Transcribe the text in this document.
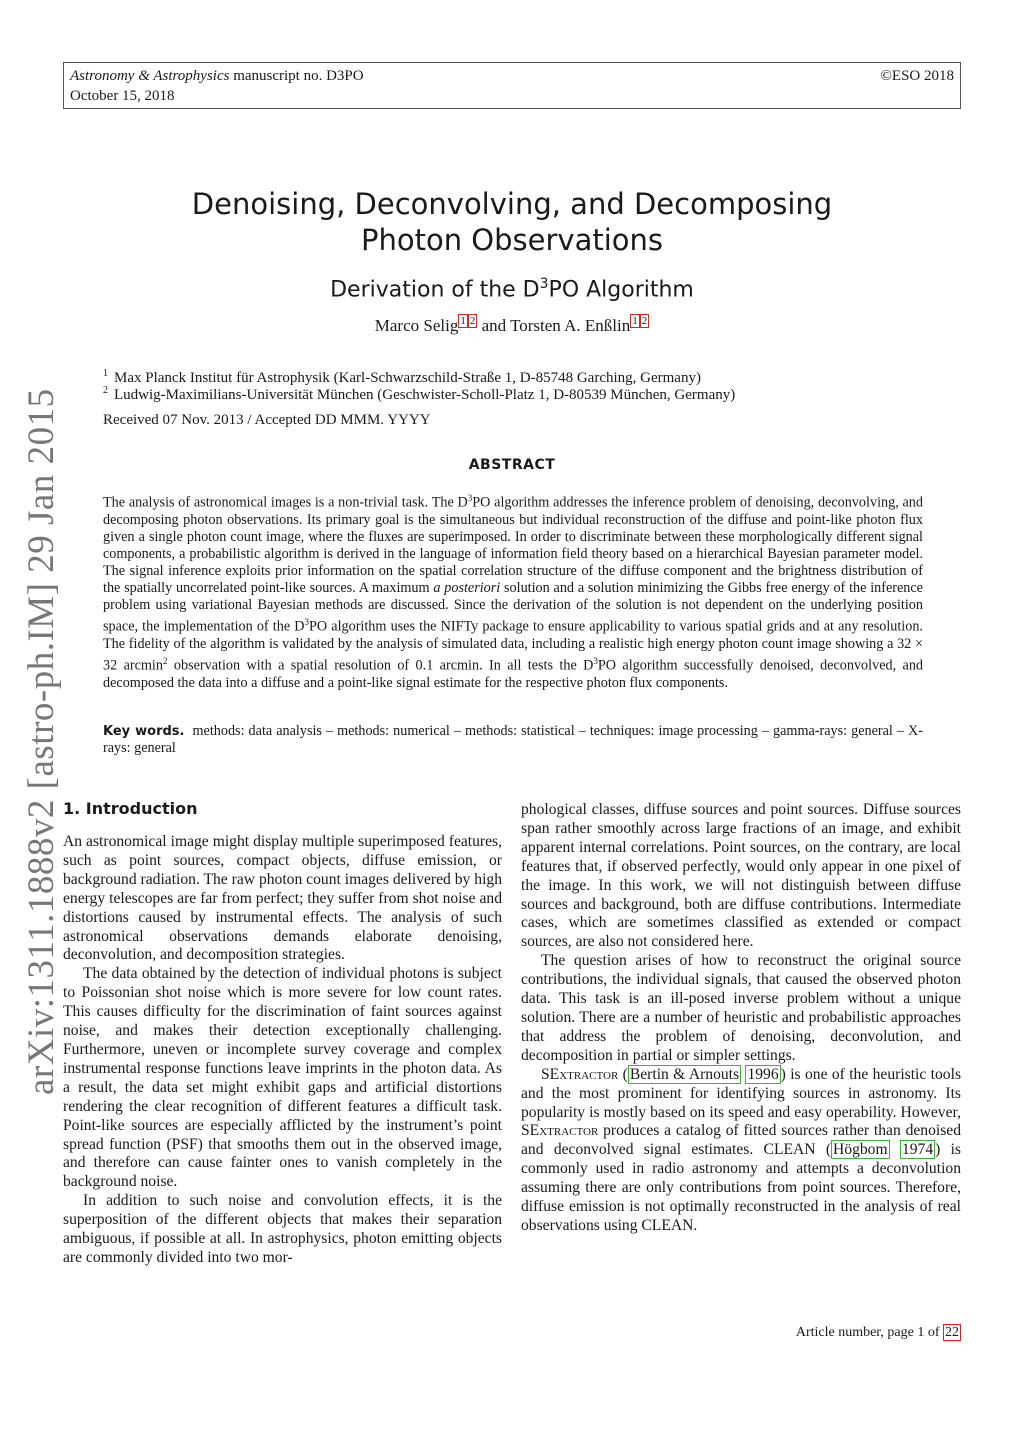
Astronomy & Astrophysics manuscript no. D3PO	©ESO 2018
October 15, 2018
Denoising, Deconvolving, and Decomposing
Photon Observations
Derivation of the $D^3PO$ Algorithm
Marco Selig $^1$ $^2$ and Torsten A. Enßlin $^1$ $^2$
$^1$ Max Planck Institut für Astrophysik (Karl-Schwarzschild-Straße 1, D-85748 Garching, Germany)
$^2$ Ludwig-Maximilians-Universität München (Geschwister-Scholl-Platz 1, D-80539 München, Germany)
Received 07 Nov. 2013 / Accepted DD MMM. YYYY
ABSTRACT
The analysis of astronomical images is a non-trivial task. The $D^3PO$ algorithm addresses the inference problem of denoising, deconvolving, and decomposing photon observations. Its primary goal is the simultaneous but individual reconstruction of the diffuse and point-like photon flux given a single photon count image, where the fluxes are superimposed. In order to discriminate between these morphologically different signal components, a probabilistic algorithm is derived in the language of information field theory based on a hierarchical Bayesian parameter model. The signal inference exploits prior information on the spatial correlation structure of the diffuse component and the brightness distribution of the spatially uncorrelated point-like sources. A maximum a posteriori solution and a solution minimizing the Gibbs free energy of the inference problem using variational Bayesian methods are discussed. Since the derivation of the solution is not dependent on the underlying position space, the implementation of the $D^3PO$ algorithm uses the NIFTy package to ensure applicability to various spatial grids and at any resolution. The fidelity of the algorithm is validated by the analysis of simulated data, including a realistic high energy photon count image showing a 32 × 32 arcmin$^2$ observation with a spatial resolution of 0.1 arcmin. In all tests the $D^3PO$ algorithm successfully denoised, deconvolved, and decomposed the data into a diffuse and a point-like signal estimate for the respective photon flux components.
Key words. methods: data analysis – methods: numerical – methods: statistical – techniques: image processing – gamma-rays: general – X-rays: general
arXiv:1311.1888v2 [astro-ph.IM] 29 Jan 2015 1. Introduction

An astronomical image might display multiple superimposed features, such as point sources, compact objects, diffuse emission, or background radiation. The raw photon count images delivered by high energy telescopes are far from perfect; they suffer from shot noise and distortions caused by instrumental effects. The analysis of such astronomical observations demands elaborate denoising, deconvolution, and decomposition strategies.

The data obtained by the detection of individual photons is subject to Poissonian shot noise which is more severe for low count rates. This causes difficulty for the discrimination of faint sources against noise, and makes their detection exceptionally challenging. Furthermore, uneven or incomplete survey coverage and complex instrumental response functions leave imprints in the photon data. As a result, the data set might exhibit gaps and artificial distortions rendering the clear recognition of different features a difficult task. Point-like sources are especially afflicted by the instrument’s point spread function (PSF) that smooths them out in the observed image, and therefore can cause fainter ones to vanish completely in the background noise.

In addition to such noise and convolution effects, it is the superposition of the different objects that makes their separation ambiguous, if possible at all. In astrophysics, photon emitting objects are commonly divided into two mor-

phological classes, diffuse sources and point sources. Diffuse sources span rather smoothly across large fractions of an image, and exhibit apparent internal correlations. Point sources, on the contrary, are local features that, if observed perfectly, would only appear in one pixel of the image. In this work, we will not distinguish between diffuse sources and background, both are diffuse contributions. Intermediate cases, which are sometimes classified as extended or compact sources, are also not considered here.

The question arises of how to reconstruct the original source contributions, the individual signals, that caused the observed photon data. This task is an ill-posed inverse problem without a unique solution. There are a number of heuristic and probabilistic approaches that address the problem of denoising, deconvolution, and decomposition in partial or simpler settings.

SExtractor ( Bertin & Arnouts 1996 ) is one of the heuristic tools and the most prominent for identifying sources in astronomy. Its popularity is mostly based on its speed and easy operability. However, SExtractor produces a catalog of fitted sources rather than denoised and deconvolved signal estimates. CLEAN ( Högbom 1974 ) is commonly used in radio astronomy and attempts a deconvolution assuming there are only contributions from point sources. Therefore, diffuse emission is not optimally reconstructed in the analysis of real observations using CLEAN.

Article number, page 1 of 22
